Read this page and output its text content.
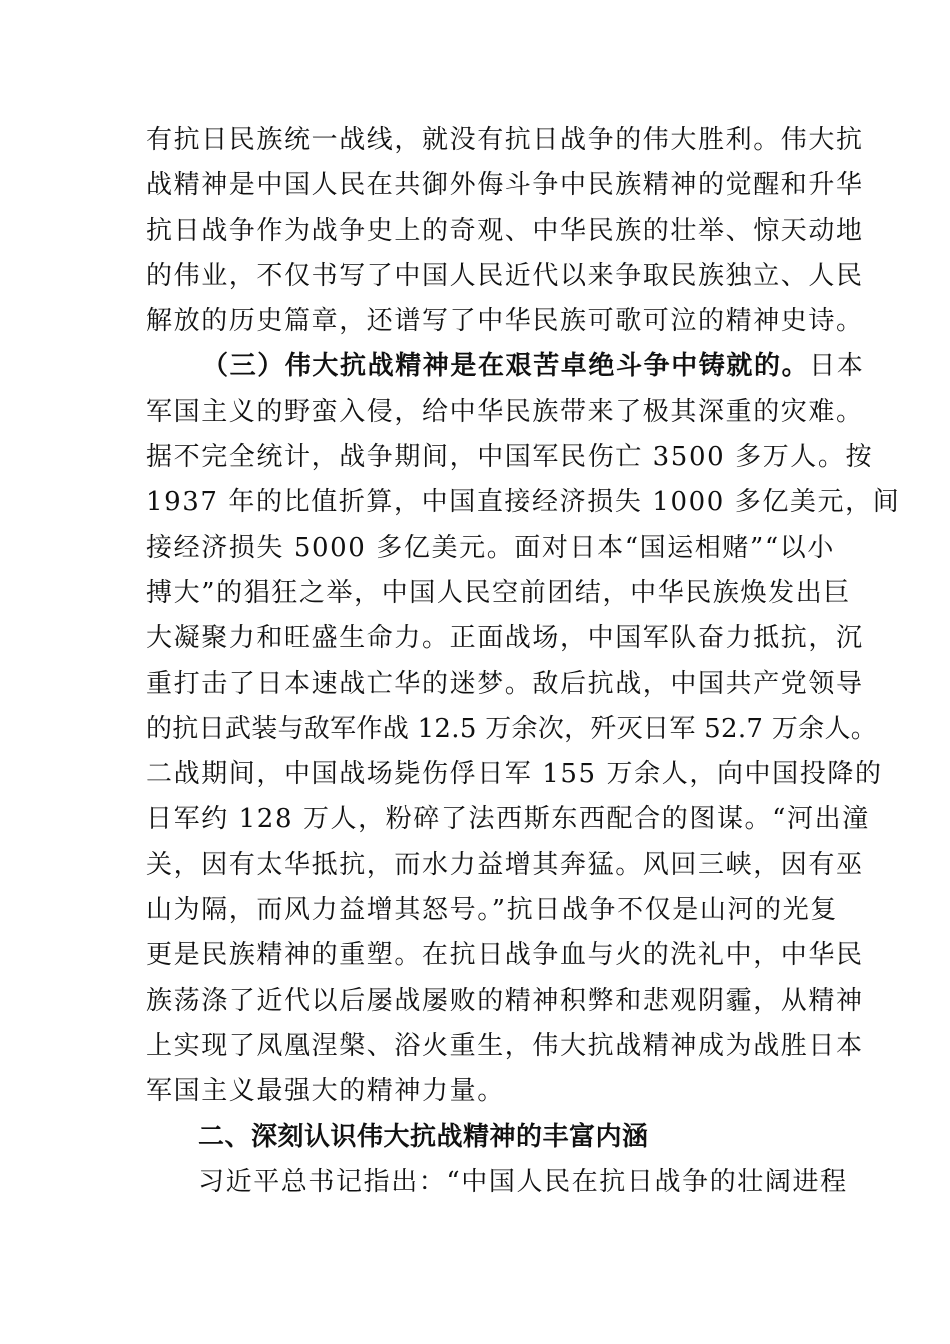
有抗日民族统一战线，就没有抗日战争的伟大胜利。伟大抗
战精神是中国人民在共御外侮斗争中民族精神的觉醒和升华
抗日战争作为战争史上的奇观、中华民族的壮举、惊天动地
的伟业，不仅书写了中国人民近代以来争取民族独立、人民
解放的历史篇章，还谱写了中华民族可歌可泣的精神史诗。
（三）伟大抗战精神是在艰苦卓绝斗争中铸就的。日本
军国主义的野蛮入侵，给中华民族带来了极其深重的灾难。
据不完全统计，战争期间，中国军民伤亡 3500 多万人。按
1937 年的比值折算，中国直接经济损失 1000 多亿美元，间
接经济损失 5000 多亿美元。面对日本“国运相赌”“以小
搏大”的猖狂之举，中国人民空前团结，中华民族焕发出巨
大凝聚力和旺盛生命力。正面战场，中国军队奋力抵抗，沉
重打击了日本速战亡华的迷梦。敌后抗战，中国共产党领导
的抗日武装与敌军作战 12.5 万余次，歼灭日军 52.7 万余人。
二战期间，中国战场毙伤俘日军 155 万余人，向中国投降的
日军约 128 万人，粉碎了法西斯东西配合的图谋。“河出潼
关，因有太华抵抗，而水力益增其奔猛。风回三峡，因有巫
山为隔，而风力益增其怒号。”抗日战争不仅是山河的光复
更是民族精神的重塑。在抗日战争血与火的洗礼中，中华民
族荡涤了近代以后屡战屡败的精神积弊和悲观阴霾，从精神
上实现了凤凰涅槃、浴火重生，伟大抗战精神成为战胜日本
军国主义最强大的精神力量。
二、深刻认识伟大抗战精神的丰富内涵
习近平总书记指出：“中国人民在抗日战争的壮阔进程
